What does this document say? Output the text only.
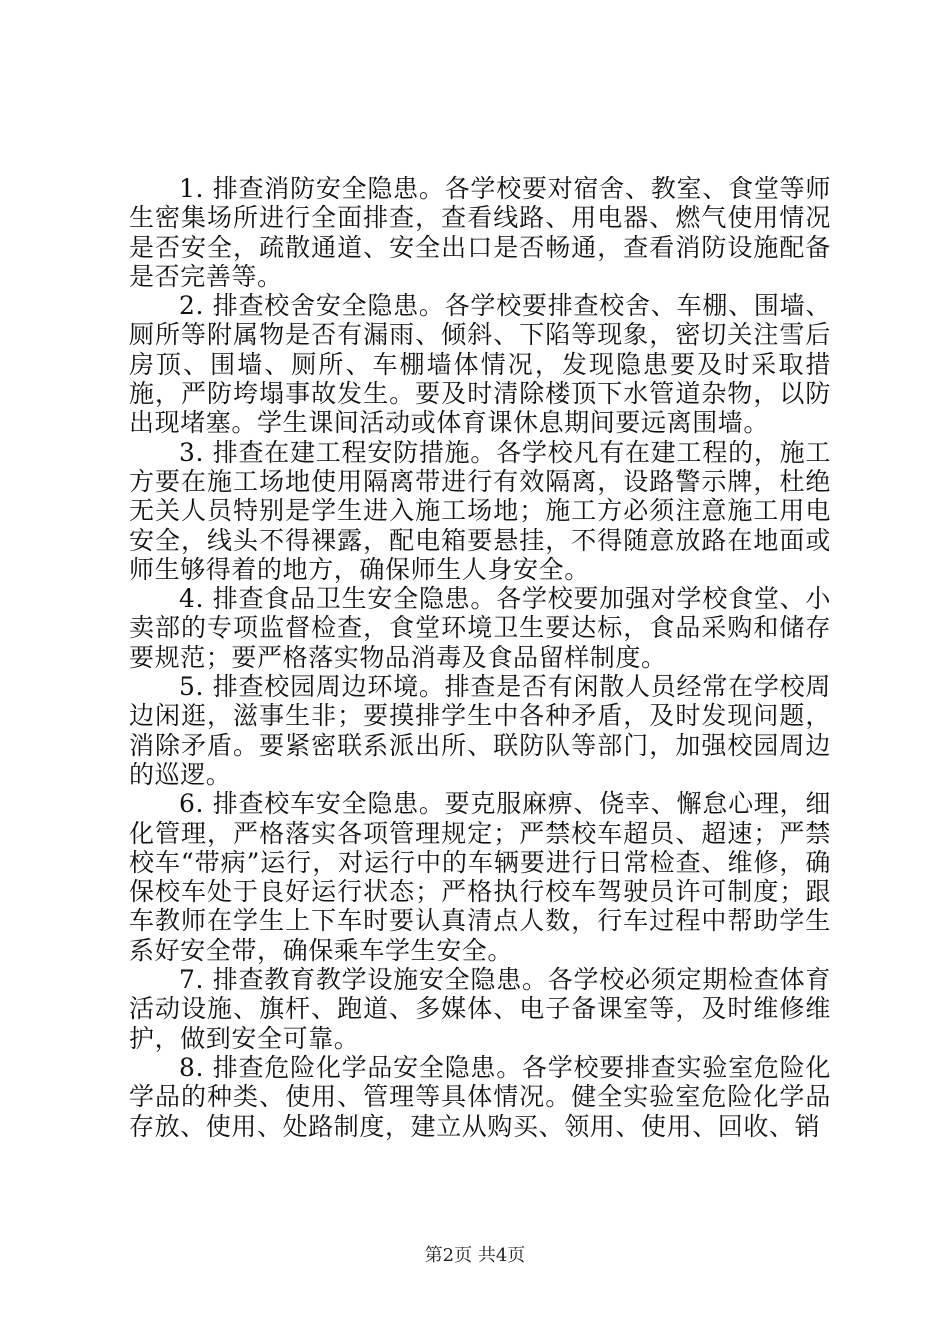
1. 排查消防安全隐患。各学校要对宿舍、教室、食堂等师生密集场所进行全面排查，查看线路、用电器、燃气使用情况是否安全，疏散通道、安全出口是否畅通，查看消防设施配备是否完善等。

2. 排查校舍安全隐患。各学校要排查校舍、车棚、围墙、厕所等附属物是否有漏雨、倾斜、下陷等现象，密切关注雪后房顶、围墙、厕所、车棚墙体情况，发现隐患要及时采取措施，严防垮塌事故发生。要及时清除楼顶下水管道杂物，以防出现堵塞。学生课间活动或体育课休息期间要远离围墙。

3. 排查在建工程安防措施。各学校凡有在建工程的，施工方要在施工场地使用隔离带进行有效隔离，设路警示牌，杜绝无关人员特别是学生进入施工场地；施工方必须注意施工用电安全，线头不得裸露，配电箱要悬挂，不得随意放路在地面或师生够得着的地方，确保师生人身安全。

4. 排查食品卫生安全隐患。各学校要加强对学校食堂、小卖部的专项监督检查，食堂环境卫生要达标，食品采购和储存要规范；要严格落实物品消毒及食品留样制度。

5. 排查校园周边环境。排查是否有闲散人员经常在学校周边闲逛，滋事生非；要摸排学生中各种矛盾，及时发现问题，消除矛盾。要紧密联系派出所、联防队等部门，加强校园周边的巡逻。

6. 排查校车安全隐患。要克服麻痹、侥幸、懈怠心理，细化管理，严格落实各项管理规定；严禁校车超员、超速；严禁校车“带病”运行，对运行中的车辆要进行日常检查、维修，确保校车处于良好运行状态；严格执行校车驾驶员许可制度；跟车教师在学生上下车时要认真清点人数，行车过程中帮助学生系好安全带，确保乘车学生安全。

7. 排查教育教学设施安全隐患。各学校必须定期检查体育活动设施、旗杆、跑道、多媒体、电子备课室等，及时维修维护，做到安全可靠。

8. 排查危险化学品安全隐患。各学校要排查实验室危险化学品的种类、使用、管理等具体情况。健全实验室危险化学品存放、使用、处路制度，建立从购买、领用、使用、回收、销

第2页 共4页
